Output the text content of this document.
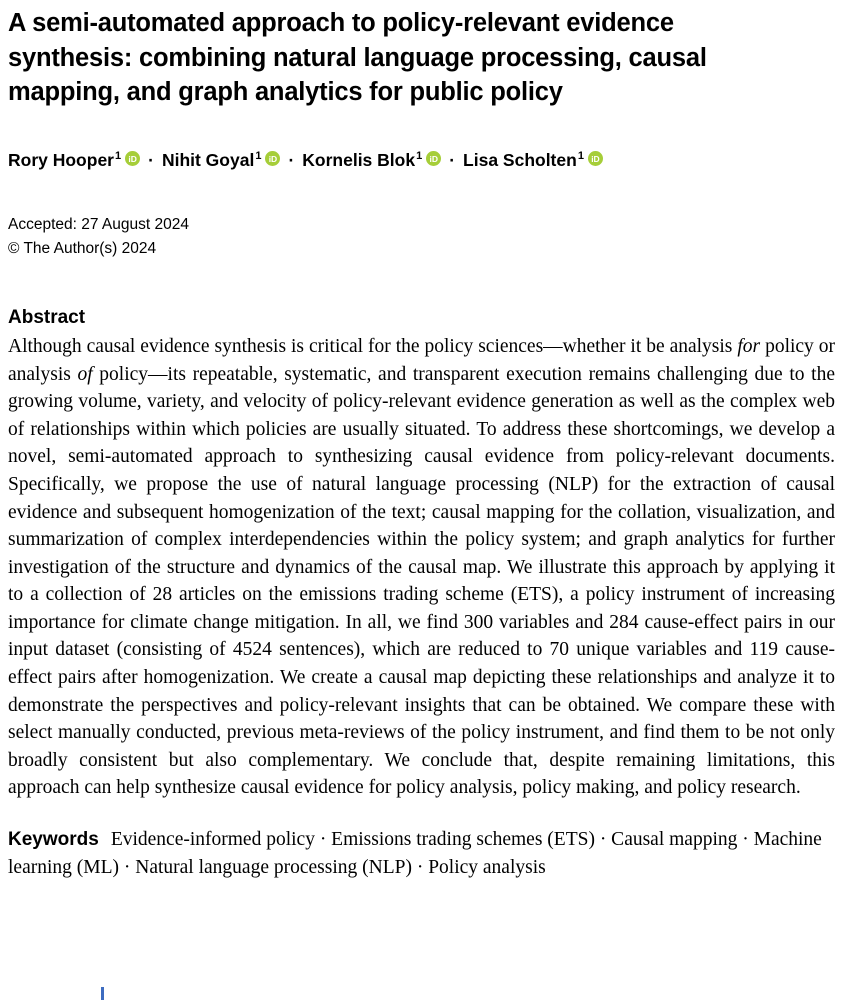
A semi-automated approach to policy-relevant evidence synthesis: combining natural language processing, causal mapping, and graph analytics for public policy
Rory Hooper$^1$ iD · Nihit Goyal$^1$ iD · Kornelis Blok$^1$ iD · Lisa Scholten$^1$ iD
Accepted: 27 August 2024
© The Author(s) 2024
Abstract

Although causal evidence synthesis is critical for the policy sciences—whether it be analysis for policy or analysis of policy—its repeatable, systematic, and transparent execution remains challenging due to the growing volume, variety, and velocity of policy-relevant evidence generation as well as the complex web of relationships within which policies are usually situated. To address these shortcomings, we develop a novel, semi-automated approach to synthesizing causal evidence from policy-relevant documents. Specifically, we propose the use of natural language processing (NLP) for the extraction of causal evidence and subsequent homogenization of the text; causal mapping for the collation, visualization, and summarization of complex interdependencies within the policy system; and graph analytics for further investigation of the structure and dynamics of the causal map. We illustrate this approach by applying it to a collection of 28 articles on the emissions trading scheme (ETS), a policy instrument of increasing importance for climate change mitigation. In all, we find 300 variables and 284 cause-effect pairs in our input dataset (consisting of 4524 sentences), which are reduced to 70 unique variables and 119 cause-effect pairs after homogenization. We create a causal map depicting these relationships and analyze it to demonstrate the perspectives and policy-relevant insights that can be obtained. We compare these with select manually conducted, previous meta-reviews of the policy instrument, and find them to be not only broadly consistent but also complementary. We conclude that, despite remaining limitations, this approach can help synthesize causal evidence for policy analysis, policy making, and policy research.

Keywords Evidence-informed policy · Emissions trading schemes (ETS) · Causal mapping · Machine learning (ML) · Natural language processing (NLP) · Policy analysis
